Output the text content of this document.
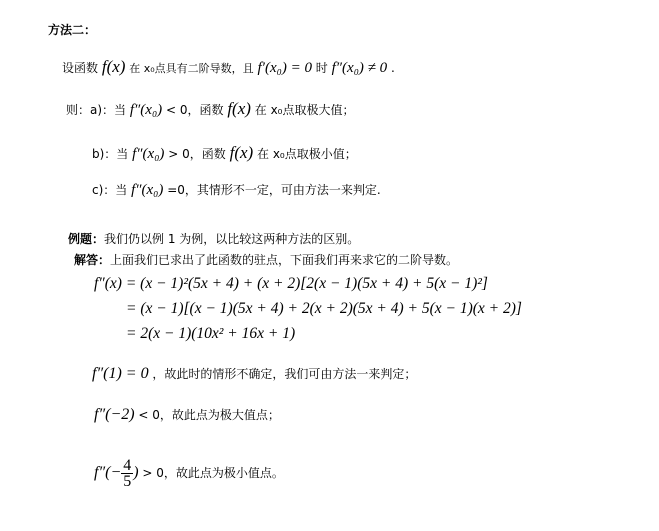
方法二：
设函数 f(x) 在 x₀点具有二阶导数，且 f′(x₀) = 0 时 f″(x₀) ≠ 0 .
则：a)：当 f″(x₀) < 0，函数 f(x) 在 x₀点取极大值；
b)：当 f″(x₀) > 0，函数 f(x) 在 x₀点取极小值；
c)：当 f″(x₀) =0，其情形不一定，可由方法一来判定.
例题：我们仍以例 1 为例，以比较这两种方法的区别。
解答：上面我们已求出了此函数的驻点，下面我们再来求它的二阶导数。
f″(x) = (x − 1)²(5x + 4) + (x + 2)[2(x − 1)(5x + 4) + 5(x − 1)²]
= (x − 1)[(x − 1)(5x + 4) + 2(x + 2)(5x + 4) + 5(x − 1)(x + 2)]
= 2(x − 1)(10x² + 16x + 1)
f″(1) = 0 ，故此时的情形不确定，我们可由方法一来判定；
f″(−2) < 0，故此点为极大值点；
$f''(- \frac{4}{5}$ ) > 0，故此点为极小值点。
